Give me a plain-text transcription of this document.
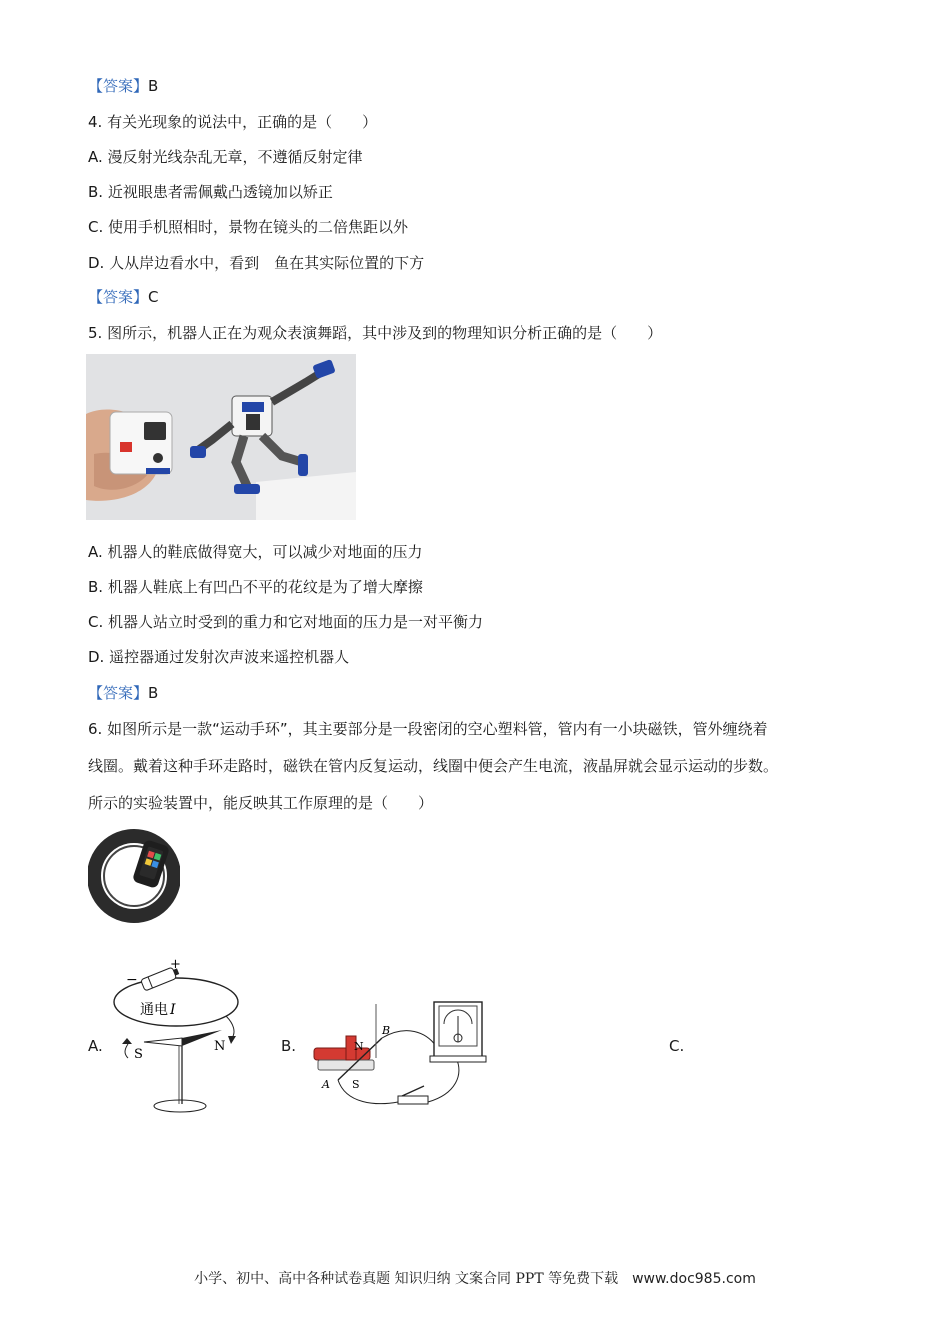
【答案】B
4. 有关光现象的说法中，正确的是（　　）
A. 漫反射光线杂乱无章，不遵循反射定律
B. 近视眼患者需佩戴凸透镜加以矫正
C. 使用手机照相时，景物在镜头的二倍焦距以外
D. 人从岸边看水中，看到　鱼在其实际位置的下方
【答案】C
5. 图所示，机器人正在为观众表演舞蹈，其中涉及到的物理知识分析正确的是（　　）
A. 机器人的鞋底做得宽大，可以减少对地面的压力
B. 机器人鞋底上有凹凸不平的花纹是为了增大摩擦
C. 机器人站立时受到的重力和它对地面的压力是一对平衡力
D. 遥控器通过发射次声波来遥控机器人
【答案】B
6. 如图所示是一款“运动手环”，其主要部分是一段密闭的空心塑料管，管内有一小块磁铁，管外缠绕着
线圈。戴着这种手环走路时，磁铁在管内反复运动，线圈中便会产生电流，液晶屏就会显示运动的步数。
所示的实验装置中，能反映其工作原理的是（　　）
A.	B.	C.
−
+
通电 I
S
N	N
S
A
B
小学、初中、高中各种试卷真题 知识归纳 文案合同 PPT 等免费下载 www.doc985.com
